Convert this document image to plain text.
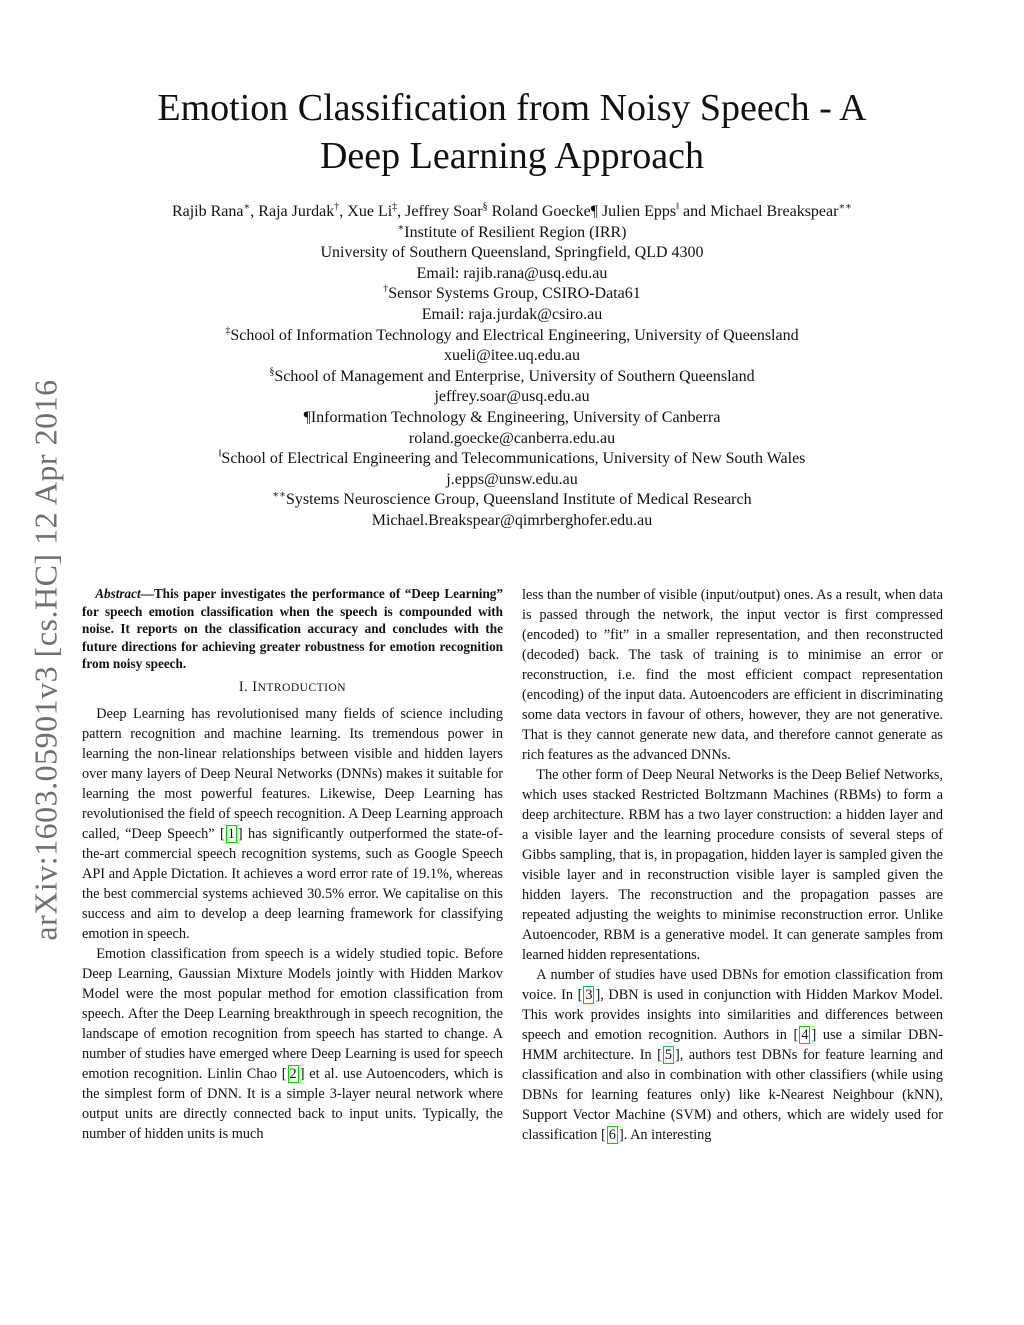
arXiv:1603.05901v3 [cs.HC] 12 Apr 2016
Emotion Classification from Noisy Speech - A
Deep Learning Approach
Rajib Rana∗, Raja Jurdak†, Xue Li‡, Jeffrey Soar§ Roland Goecke¶ Julien Epps‖ and Michael Breakspear∗∗
∗Institute of Resilient Region (IRR)
University of Southern Queensland, Springfield, QLD 4300
Email: rajib.rana@usq.edu.au
†Sensor Systems Group, CSIRO-Data61
Email: raja.jurdak@csiro.au
‡School of Information Technology and Electrical Engineering, University of Queensland
xueli@itee.uq.edu.au
§School of Management and Enterprise, University of Southern Queensland
jeffrey.soar@usq.edu.au
¶Information Technology & Engineering, University of Canberra
roland.goecke@canberra.edu.au
‖School of Electrical Engineering and Telecommunications, University of New South Wales
j.epps@unsw.edu.au
∗∗Systems Neuroscience Group, Queensland Institute of Medical Research
Michael.Breakspear@qimrberghofer.edu.au

Abstract—This paper investigates the performance of “Deep Learning” for speech emotion classification when the speech is compounded with noise. It reports on the classification accuracy and concludes with the future directions for achieving greater robustness for emotion recognition from noisy speech.

I. INTRODUCTION

Deep Learning has revolutionised many fields of science including pattern recognition and machine learning. Its tremendous power in learning the non-linear relationships between visible and hidden layers over many layers of Deep Neural Networks (DNNs) makes it suitable for learning the most powerful features. Likewise, Deep Learning has revolutionised the field of speech recognition. A Deep Learning approach called, “Deep Speech” [ 1 ] has significantly outperformed the state-of-the-art commercial speech recognition systems, such as Google Speech API and Apple Dictation. It achieves a word error rate of 19.1%, whereas the best commercial systems achieved 30.5% error. We capitalise on this success and aim to develop a deep learning framework for classifying emotion in speech.

Emotion classification from speech is a widely studied topic. Before Deep Learning, Gaussian Mixture Models jointly with Hidden Markov Model were the most popular method for emotion classification from speech. After the Deep Learning breakthrough in speech recognition, the landscape of emotion recognition from speech has started to change. A number of studies have emerged where Deep Learning is used for speech emotion recognition. Linlin Chao [ 2 ] et al. use Autoencoders, which is the simplest form of DNN. It is a simple 3-layer neural network where output units are directly connected back to input units. Typically, the number of hidden units is much

less than the number of visible (input/output) ones. As a result, when data is passed through the network, the input vector is first compressed (encoded) to ”fit” in a smaller representation, and then reconstructed (decoded) back. The task of training is to minimise an error or reconstruction, i.e. find the most efficient compact representation (encoding) of the input data. Autoencoders are efficient in discriminating some data vectors in favour of others, however, they are not generative. That is they cannot generate new data, and therefore cannot generate as rich features as the advanced DNNs.

The other form of Deep Neural Networks is the Deep Belief Networks, which uses stacked Restricted Boltzmann Machines (RBMs) to form a deep architecture. RBM has a two layer construction: a hidden layer and a visible layer and the learning procedure consists of several steps of Gibbs sampling, that is, in propagation, hidden layer is sampled given the visible layer and in reconstruction visible layer is sampled given the hidden layers. The reconstruction and the propagation passes are repeated adjusting the weights to minimise reconstruction error. Unlike Autoencoder, RBM is a generative model. It can generate samples from learned hidden representations.

A number of studies have used DBNs for emotion classification from voice. In [ 3 ], DBN is used in conjunction with Hidden Markov Model. This work provides insights into similarities and differences between speech and emotion recognition. Authors in [ 4 ] use a similar DBN-HMM architecture. In [ 5 ], authors test DBNs for feature learning and classification and also in combination with other classifiers (while using DBNs for learning features only) like k-Nearest Neighbour (kNN), Support Vector Machine (SVM) and others, which are widely used for classification [ 6 ]. An interesting
